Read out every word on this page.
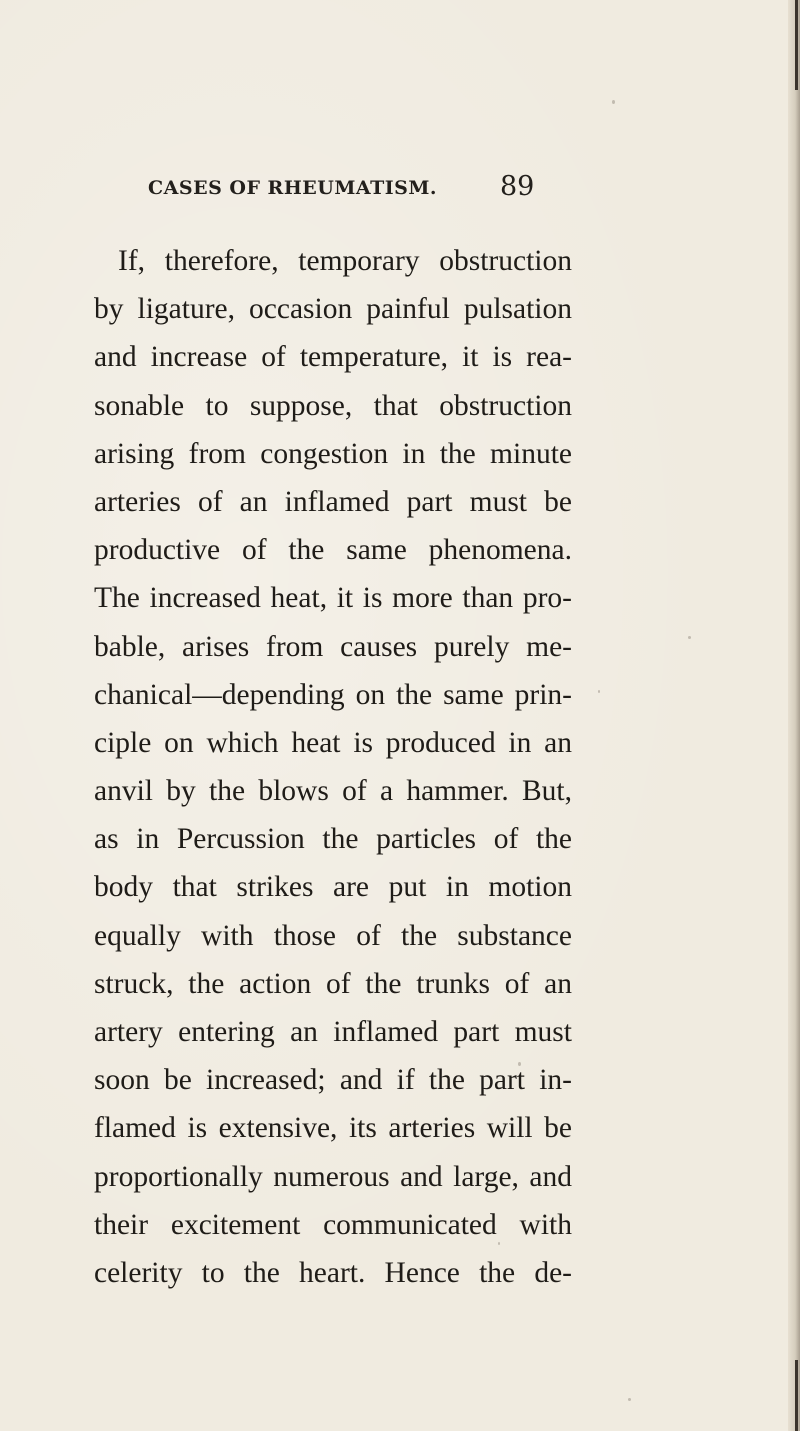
CASES OF RHEUMATISM. 89
If, therefore, temporary obstruction
by ligature, occasion painful pulsation
and increase of temperature, it is rea-
sonable to suppose, that obstruction
arising from congestion in the minute
arteries of an inflamed part must be
productive of the same phenomena.
The increased heat, it is more than pro-
bable, arises from causes purely me-
chanical—depending on the same prin-
ciple on which heat is produced in an
anvil by the blows of a hammer. But,
as in Percussion the particles of the
body that strikes are put in motion
equally with those of the substance
struck, the action of the trunks of an
artery entering an inflamed part must
soon be increased; and if the part in-
flamed is extensive, its arteries will be
proportionally numerous and large, and
their excitement communicated with
celerity to the heart. Hence the de-
